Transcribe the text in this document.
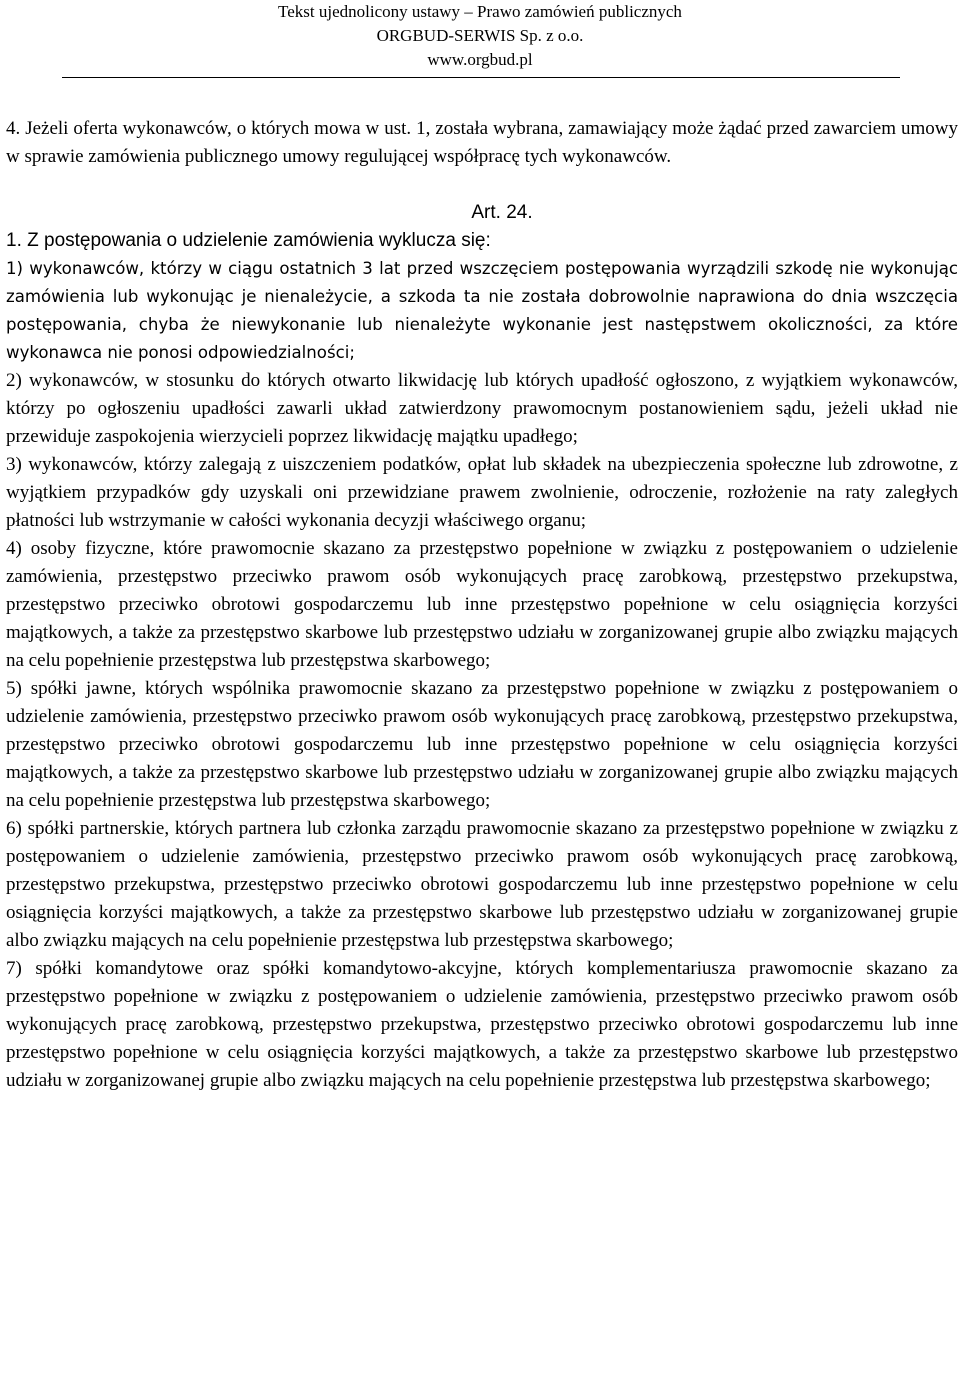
Tekst ujednolicony ustawy – Prawo zamówień publicznych
ORGBUD-SERWIS Sp. z o.o.
www.orgbud.pl

4. Jeżeli oferta wykonawców, o których mowa w ust. 1, została wybrana, zamawiający może żądać przed zawarciem umowy w sprawie zamówienia publicznego umowy regulującej współpracę tych wykonawców.

Art. 24.

1. Z postępowania o udzielenie zamówienia wyklucza się:

1) wykonawców, którzy w ciągu ostatnich 3 lat przed wszczęciem postępowania wyrządzili szkodę nie wykonując zamówienia lub wykonując je nienależycie, a szkoda ta nie została dobrowolnie naprawiona do dnia wszczęcia postępowania, chyba że niewykonanie lub nienależyte wykonanie jest następstwem okoliczności, za które wykonawca nie ponosi odpowiedzialności;

2) wykonawców, w stosunku do których otwarto likwidację lub których upadłość ogłoszono, z wyjątkiem wykonawców, którzy po ogłoszeniu upadłości zawarli układ zatwierdzony prawomocnym postanowieniem sądu, jeżeli układ nie przewiduje zaspokojenia wierzycieli poprzez likwidację majątku upadłego;

3) wykonawców, którzy zalegają z uiszczeniem podatków, opłat lub składek na ubezpieczenia społeczne lub zdrowotne, z wyjątkiem przypadków gdy uzyskali oni przewidziane prawem zwolnienie, odroczenie, rozłożenie na raty zaległych płatności lub wstrzymanie w całości wykonania decyzji właściwego organu;

4) osoby fizyczne, które prawomocnie skazano za przestępstwo popełnione w związku z postępowaniem o udzielenie zamówienia, przestępstwo przeciwko prawom osób wykonujących pracę zarobkową, przestępstwo przekupstwa, przestępstwo przeciwko obrotowi gospodarczemu lub inne przestępstwo popełnione w celu osiągnięcia korzyści majątkowych, a także za przestępstwo skarbowe lub przestępstwo udziału w zorganizowanej grupie albo związku mających na celu popełnienie przestępstwa lub przestępstwa skarbowego;

5) spółki jawne, których wspólnika prawomocnie skazano za przestępstwo popełnione w związku z postępowaniem o udzielenie zamówienia, przestępstwo przeciwko prawom osób wykonujących pracę zarobkową, przestępstwo przekupstwa, przestępstwo przeciwko obrotowi gospodarczemu lub inne przestępstwo popełnione w celu osiągnięcia korzyści majątkowych, a także za przestępstwo skarbowe lub przestępstwo udziału w zorganizowanej grupie albo związku mających na celu popełnienie przestępstwa lub przestępstwa skarbowego;

6) spółki partnerskie, których partnera lub członka zarządu prawomocnie skazano za przestępstwo popełnione w związku z postępowaniem o udzielenie zamówienia, przestępstwo przeciwko prawom osób wykonujących pracę zarobkową, przestępstwo przekupstwa, przestępstwo przeciwko obrotowi gospodarczemu lub inne przestępstwo popełnione w celu osiągnięcia korzyści majątkowych, a także za przestępstwo skarbowe lub przestępstwo udziału w zorganizowanej grupie albo związku mających na celu popełnienie przestępstwa lub przestępstwa skarbowego;

7) spółki komandytowe oraz spółki komandytowo-akcyjne, których komplementariusza prawomocnie skazano za przestępstwo popełnione w związku z postępowaniem o udzielenie zamówienia, przestępstwo przeciwko prawom osób wykonujących pracę zarobkową, przestępstwo przekupstwa, przestępstwo przeciwko obrotowi gospodarczemu lub inne przestępstwo popełnione w celu osiągnięcia korzyści majątkowych, a także za przestępstwo skarbowe lub przestępstwo udziału w zorganizowanej grupie albo związku mających na celu popełnienie przestępstwa lub przestępstwa skarbowego;
